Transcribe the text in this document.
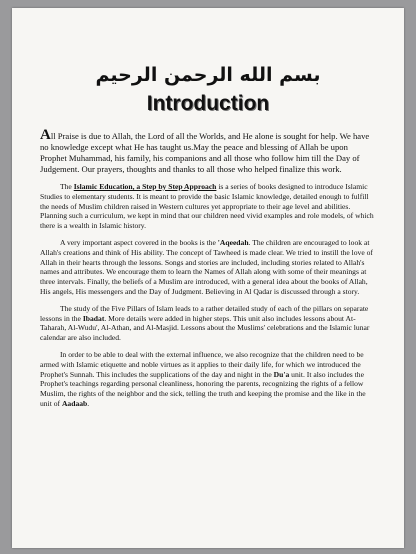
بسم الله الرحمن الرحيم
Introduction

All Praise is due to Allah, the Lord of all the Worlds, and He alone is sought for help. We have no knowledge except what He has taught us.May the peace and blessing of Allah be upon Prophet Muhammad, his family, his companions and all those who follow him till the Day of Judgement. Our prayers, thoughts and thanks to all those who helped finalize this work.

The Islamic Education, a Step by Step Approach is a series of books designed to introduce Islamic Studies to elementary students. It is meant to provide the basic Islamic knowledge, detailed enough to fulfill the needs of Muslim children raised in Western cultures yet appropriate to their age level and abilities. Planning such a curriculum, we kept in mind that our children need vivid examples and role models, of which there is a wealth in Islamic history.

A very important aspect covered in the books is the 'Aqeedah. The children are encouraged to look at Allah's creations and think of His ability. The concept of Tawheed is made clear. We tried to instill the love of Allah in their hearts through the lessons. Songs and stories are included, including stories related to Allah's names and attributes. We encourage them to learn the Names of Allah along with some of their meanings at three intervals. Finally, the beliefs of a Muslim are introduced, with a general idea about the books of Allah, His angels, His messengers and the Day of Judgment. Believing in Al Qadar is discussed through a story.

The study of the Five Pillars of Islam leads to a rather detailed study of each of the pillars on separate lessons in the Ibadat. More details were added in higher steps. This unit also includes lessons about At-Taharah, Al-Wudu', Al-Athan, and Al-Masjid. Lessons about the Muslims' celebrations and the Islamic lunar calendar are also included.

In order to be able to deal with the external influence, we also recognize that the children need to be armed with Islamic etiquette and noble virtues as it applies to their daily life, for which we introduced the Prophet's Sunnah. This includes the supplications of the day and night in the Du'a unit. It also includes the Prophet's teachings regarding personal cleanliness, honoring the parents, recognizing the rights of a fellow Muslim, the rights of the neighbor and the sick, telling the truth and keeping the promise and the like in the unit of Aadaab.
